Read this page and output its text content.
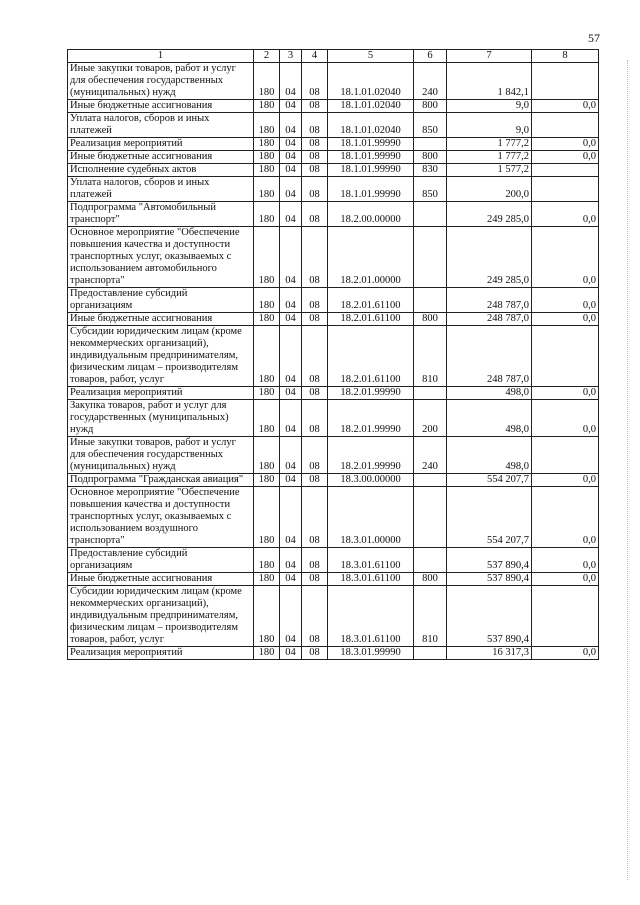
57
1	2	3	4	5	6	7	8
Иные закупки товаров, работ и услуг для обеспечения государственных (муниципальных) нужд	180	04	08	18.1.01.02040	240	1 842,1	
Иные бюджетные ассигнования	180	04	08	18.1.01.02040	800	9,0	0,0
Уплата налогов, сборов и иных платежей	180	04	08	18.1.01.02040	850	9,0	
Реализация мероприятий	180	04	08	18.1.01.99990		1 777,2	0,0
Иные бюджетные ассигнования	180	04	08	18.1.01.99990	800	1 777,2	0,0
Исполнение судебных актов	180	04	08	18.1.01.99990	830	1 577,2	
Уплата налогов, сборов и иных платежей	180	04	08	18.1.01.99990	850	200,0	
Подпрограмма "Автомобильный транспорт"	180	04	08	18.2.00.00000		249 285,0	0,0
Основное мероприятие "Обеспечение повышения качества и доступности транспортных услуг, оказываемых с использованием автомобильного транспорта"	180	04	08	18.2.01.00000		249 285,0	0,0
Предоставление субсидий организациям	180	04	08	18.2.01.61100		248 787,0	0,0
Иные бюджетные ассигнования	180	04	08	18.2.01.61100	800	248 787,0	0,0
Субсидии юридическим лицам (кроме некоммерческих организаций), индивидуальным предпринимателям, физическим лицам – производителям товаров, работ, услуг	180	04	08	18.2.01.61100	810	248 787,0	
Реализация мероприятий	180	04	08	18.2.01.99990		498,0	0,0
Закупка товаров, работ и услуг для государственных (муниципальных) нужд	180	04	08	18.2.01.99990	200	498,0	0,0
Иные закупки товаров, работ и услуг для обеспечения государственных (муниципальных) нужд	180	04	08	18.2.01.99990	240	498,0	
Подпрограмма "Гражданская авиация"	180	04	08	18.3.00.00000		554 207,7	0,0
Основное мероприятие "Обеспечение повышения качества и доступности транспортных услуг, оказываемых с использованием воздушного транспорта"	180	04	08	18.3.01.00000		554 207,7	0,0
Предоставление субсидий организациям	180	04	08	18.3.01.61100		537 890,4	0,0
Иные бюджетные ассигнования	180	04	08	18.3.01.61100	800	537 890,4	0,0
Субсидии юридическим лицам (кроме некоммерческих организаций), индивидуальным предпринимателям, физическим лицам – производителям товаров, работ, услуг	180	04	08	18.3.01.61100	810	537 890,4	
Реализация мероприятий	180	04	08	18.3.01.99990		16 317,3	0,0
